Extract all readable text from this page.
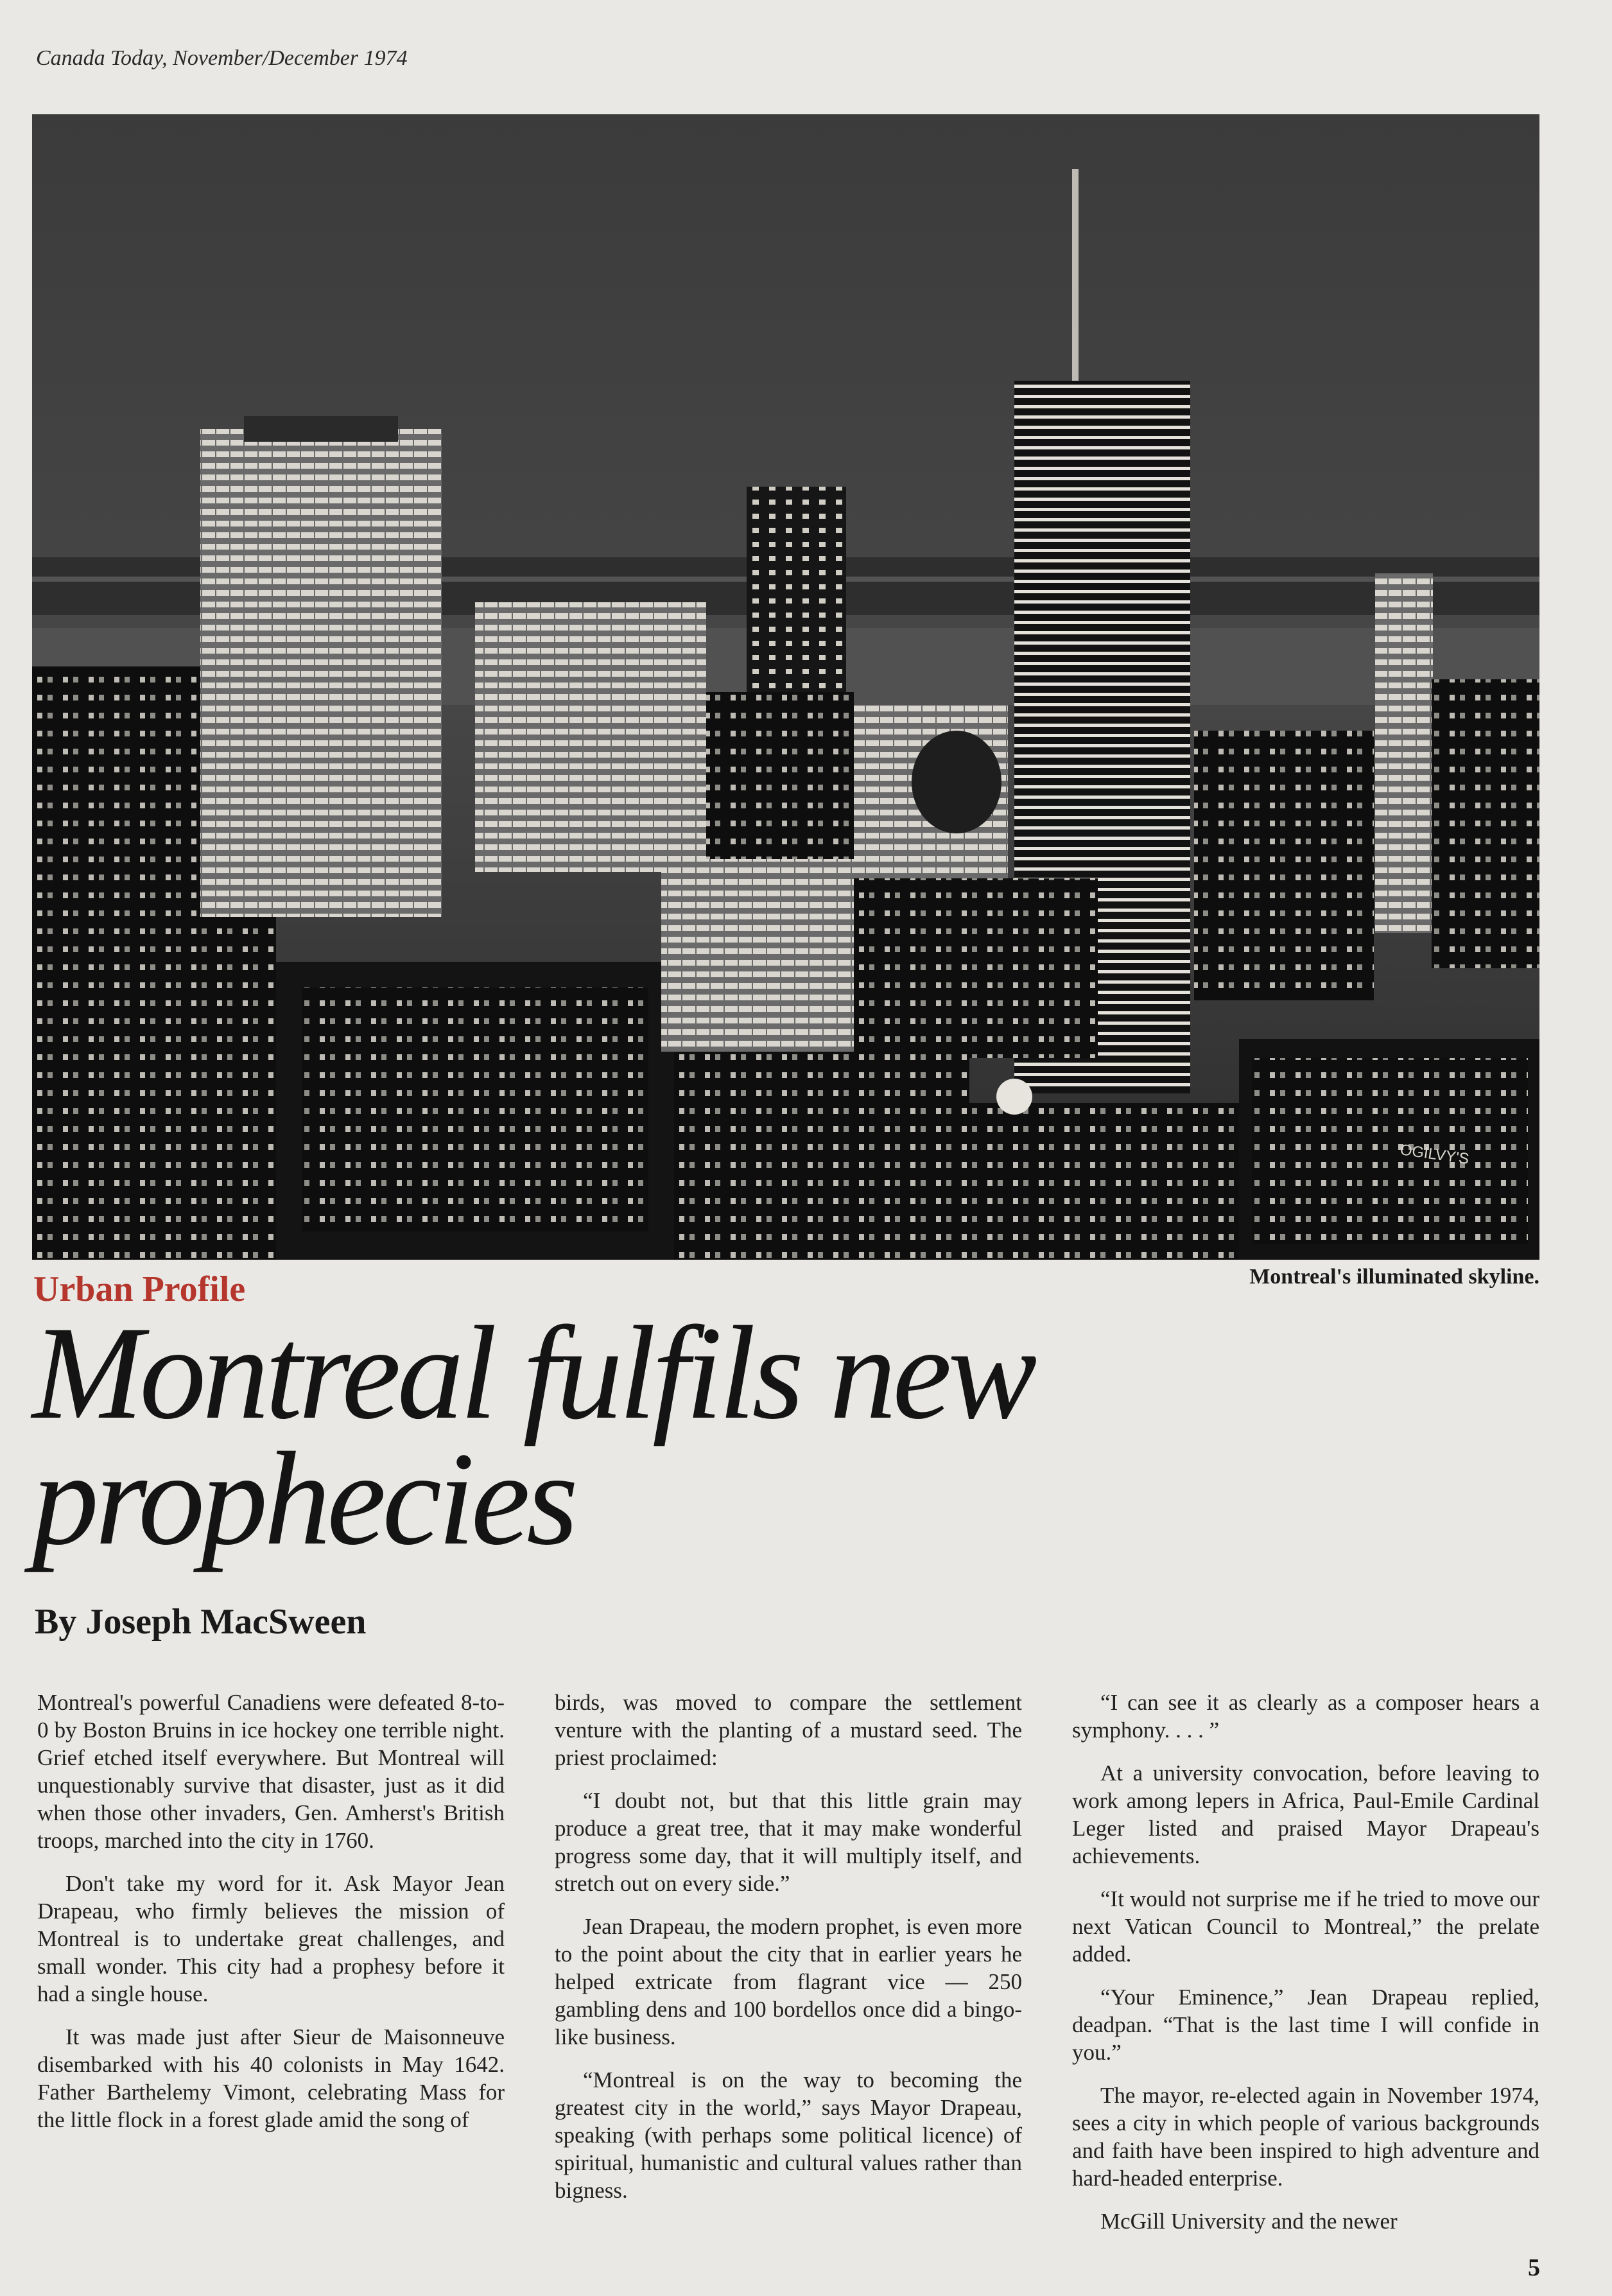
Canada Today, November/December 1974
OGILVY'S
Urban Profile	Montreal's illuminated skyline.
Montreal fulfils new
prophecies
By Joseph MacSween

Montreal's powerful Canadiens were defeated 8-to-0 by Boston Bruins in ice hockey one terrible night. Grief etched itself everywhere. But Montreal will unquestionably survive that disaster, just as it did when those other invaders, Gen. Amherst's British troops, marched into the city in 1760.

Don't take my word for it. Ask Mayor Jean Drapeau, who firmly believes the mission of Montreal is to undertake great challenges, and small wonder. This city had a prophesy before it had a single house.

It was made just after Sieur de Maisonneuve disembarked with his 40 colonists in May 1642. Father Barthelemy Vimont, celebrating Mass for the little flock in a forest glade amid the song of

birds, was moved to compare the settlement venture with the planting of a mustard seed. The priest proclaimed:

“I doubt not, but that this little grain may produce a great tree, that it may make wonderful progress some day, that it will multiply itself, and stretch out on every side.”

Jean Drapeau, the modern prophet, is even more to the point about the city that in earlier years he helped extricate from flagrant vice — 250 gambling dens and 100 bordellos once did a bingo-like business.

“Montreal is on the way to becoming the greatest city in the world,” says Mayor Drapeau, speaking (with perhaps some political licence) of spiritual, humanistic and cultural values rather than bigness.

“I can see it as clearly as a composer hears a symphony. . . . ”

At a university convocation, before leaving to work among lepers in Africa, Paul-Emile Cardinal Leger listed and praised Mayor Drapeau's achievements.

“It would not surprise me if he tried to move our next Vatican Council to Montreal,” the prelate added.

“Your Eminence,” Jean Drapeau replied, deadpan. “That is the last time I will confide in you.”

The mayor, re-elected again in November 1974, sees a city in which people of various backgrounds and faith have been inspired to high adventure and hard-headed enterprise.

McGill University and the newer

5
